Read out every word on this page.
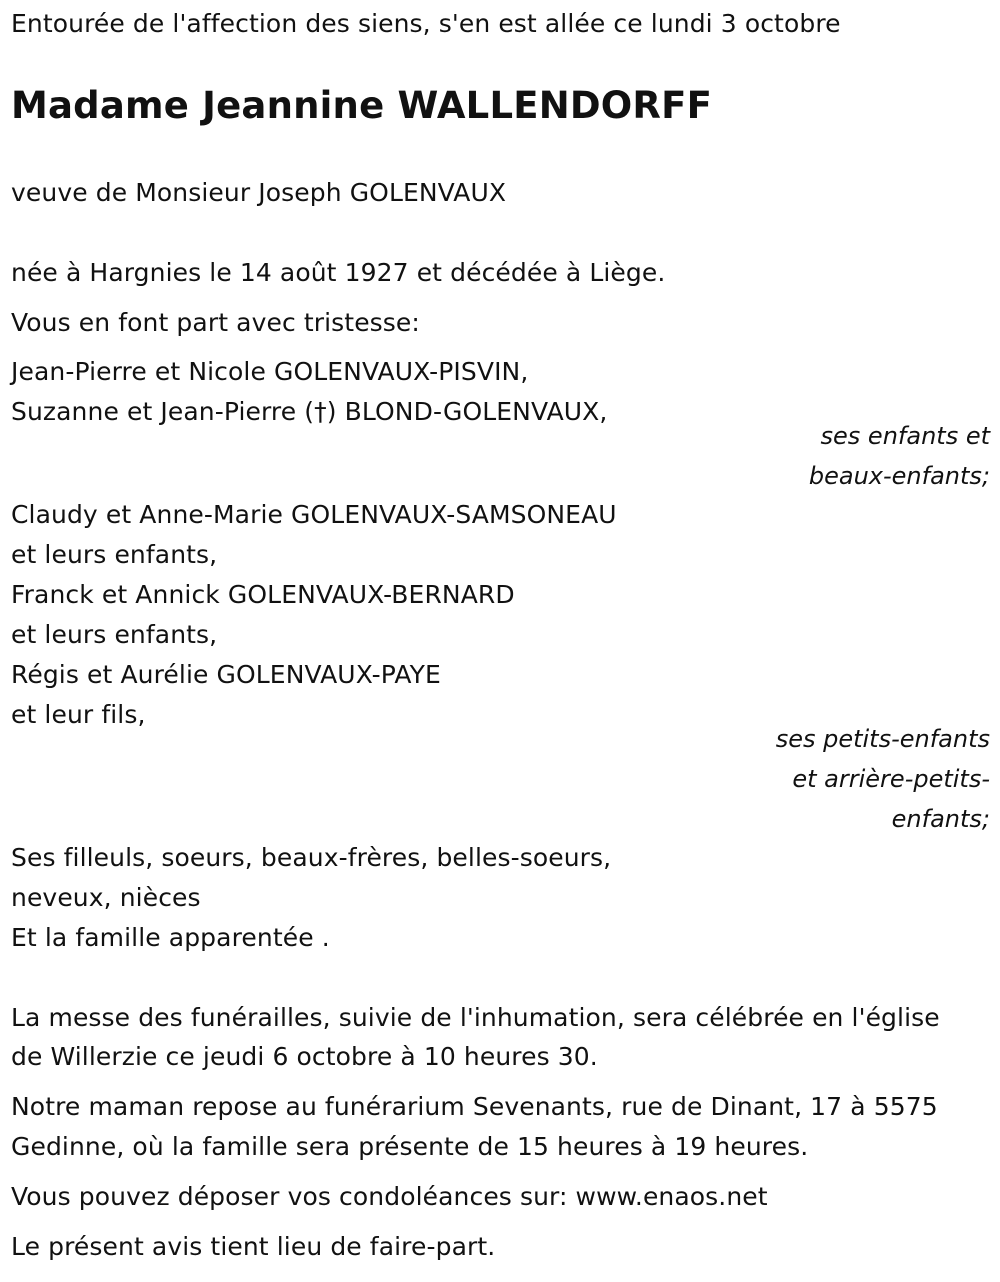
Entourée de l'affection des siens, s'en est allée ce lundi 3 octobre
Madame Jeannine WALLENDORFF
veuve de Monsieur Joseph GOLENVAUX
née à Hargnies le 14 août 1927 et décédée à Liège.
Vous en font part avec tristesse:
Jean-Pierre et Nicole GOLENVAUX-PISVIN,
Suzanne et Jean-Pierre (†) BLOND-GOLENVAUX,
ses enfants et
beaux-enfants;
Claudy et Anne-Marie GOLENVAUX-SAMSONEAU
et leurs enfants,
Franck et Annick GOLENVAUX-BERNARD
et leurs enfants,
Régis et Aurélie GOLENVAUX-PAYE
et leur fils,
ses petits-enfants
et arrière-petits-
enfants;
Ses filleuls, soeurs, beaux-frères, belles-soeurs,
neveux, nièces
Et la famille apparentée .
La messe des funérailles, suivie de l'inhumation, sera célébrée en l'église
de Willerzie ce jeudi 6 octobre à 10 heures 30.
Notre maman repose au funérarium Sevenants, rue de Dinant, 17 à 5575
Gedinne, où la famille sera présente de 15 heures à 19 heures.
Vous pouvez déposer vos condoléances sur: www.enaos.net
Le présent avis tient lieu de faire-part.
